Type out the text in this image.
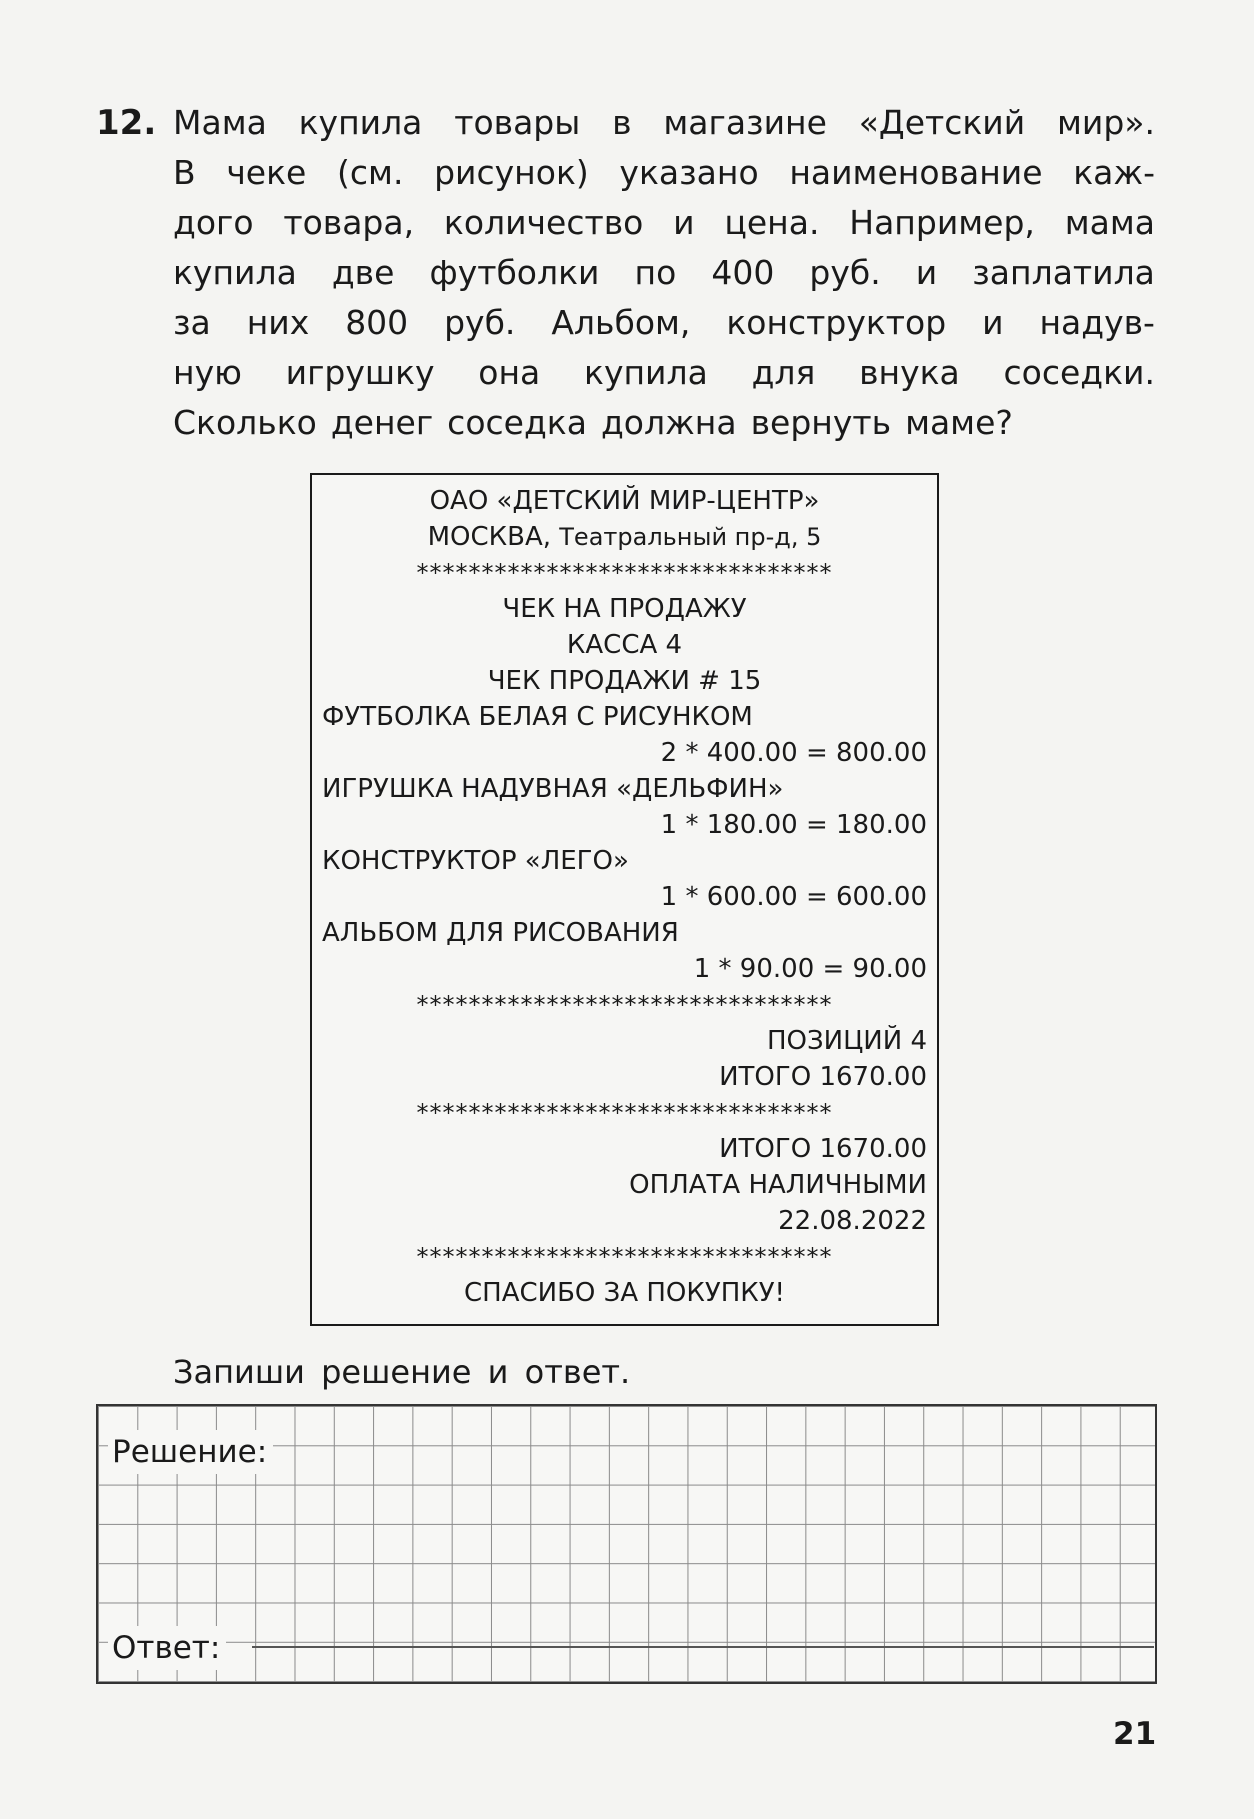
12. Мама купила товары в магазине «Детский мир».
В чеке (см. рисунок) указано наименование каж-
дого товара, количество и цена. Например, мама
купила две футболки по 400 руб. и заплатила
за них 800 руб. Альбом, конструктор и надув-
ную игрушку она купила для внука соседки.
Сколько денег соседка должна вернуть маме?
ОАО «ДЕТСКИЙ МИР-ЦЕНТР»
МОСКВА, Театральный пр-д, 5
********************************
ЧЕК НА ПРОДАЖУ
КАССА 4
ЧЕК ПРОДАЖИ # 15
ФУТБОЛКА БЕЛАЯ С РИСУНКОМ
2 * 400.00 = 800.00
ИГРУШКА НАДУВНАЯ «ДЕЛЬФИН»
1 * 180.00 = 180.00
КОНСТРУКТОР «ЛЕГО»
1 * 600.00 = 600.00
АЛЬБОМ ДЛЯ РИСОВАНИЯ
1 * 90.00 = 90.00
********************************
ПОЗИЦИЙ 4
ИТОГО 1670.00
********************************
ИТОГО 1670.00
ОПЛАТА НАЛИЧНЫМИ
22.08.2022
********************************
СПАСИБО ЗА ПОКУПКУ!
Запиши решение и ответ.
Решение:
Ответ:
21
